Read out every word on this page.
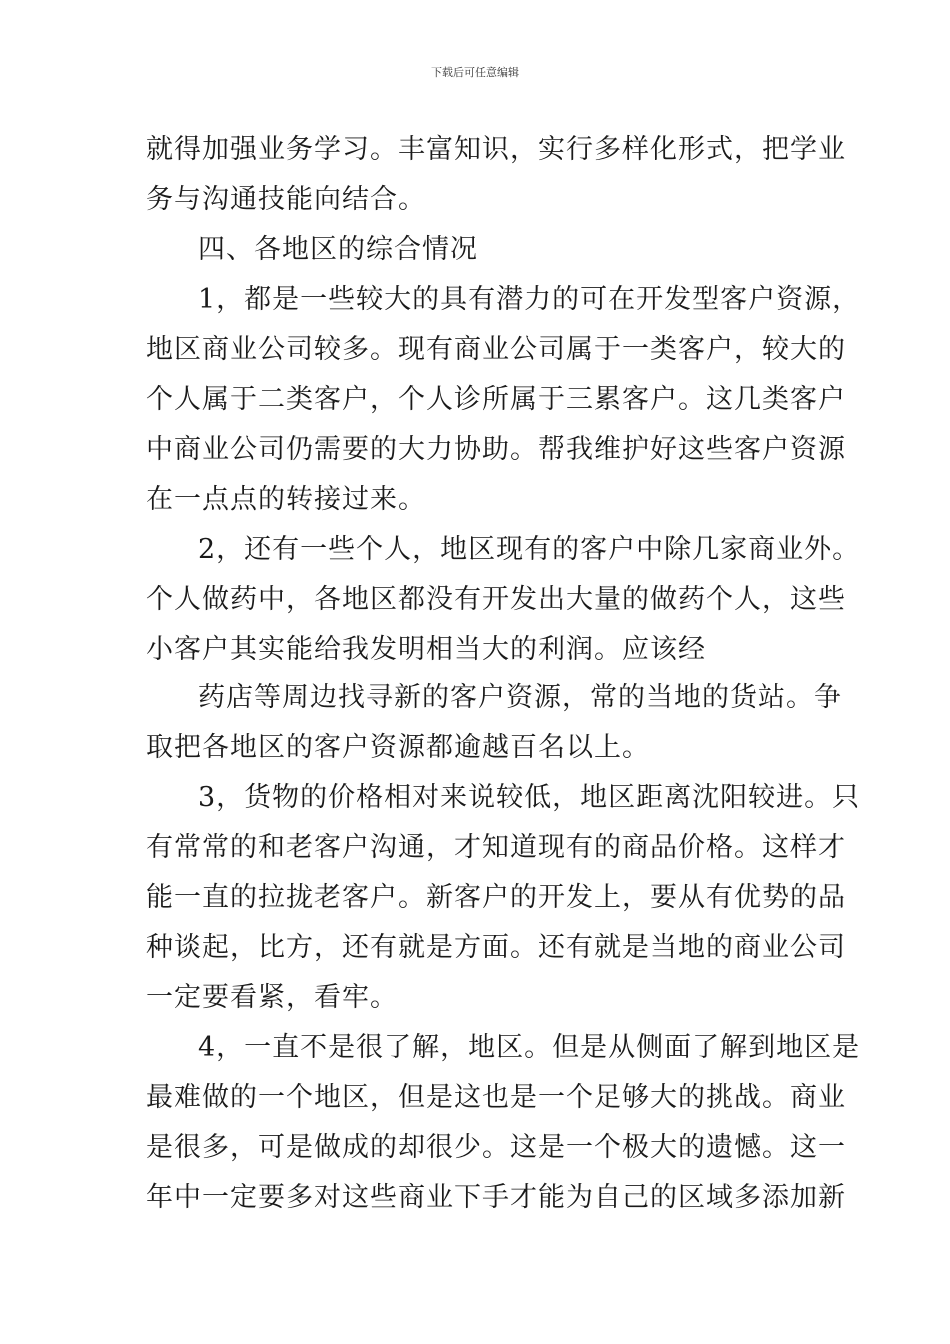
下载后可任意编辑
就得加强业务学习。丰富知识，实行多样化形式，把学业
务与沟通技能向结合。
四、各地区的综合情况
1，都是一些较大的具有潜力的可在开发型客户资源，
地区商业公司较多。现有商业公司属于一类客户，较大的
个人属于二类客户，个人诊所属于三累客户。这几类客户
中商业公司仍需要的大力协助。帮我维护好这些客户资源
在一点点的转接过来。
2，还有一些个人，地区现有的客户中除几家商业外。
个人做药中，各地区都没有开发出大量的做药个人，这些
小客户其实能给我发明相当大的利润。应该经
药店等周边找寻新的客户资源，常的当地的货站。争
取把各地区的客户资源都逾越百名以上。
3，货物的价格相对来说较低，地区距离沈阳较进。只
有常常的和老客户沟通，才知道现有的商品价格。这样才
能一直的拉拢老客户。新客户的开发上，要从有优势的品
种谈起，比方，还有就是方面。还有就是当地的商业公司
一定要看紧，看牢。
4，一直不是很了解，地区。但是从侧面了解到地区是
最难做的一个地区，但是这也是一个足够大的挑战。商业
是很多，可是做成的却很少。这是一个极大的遗憾。这一
年中一定要多对这些商业下手才能为自己的区域多添加新
